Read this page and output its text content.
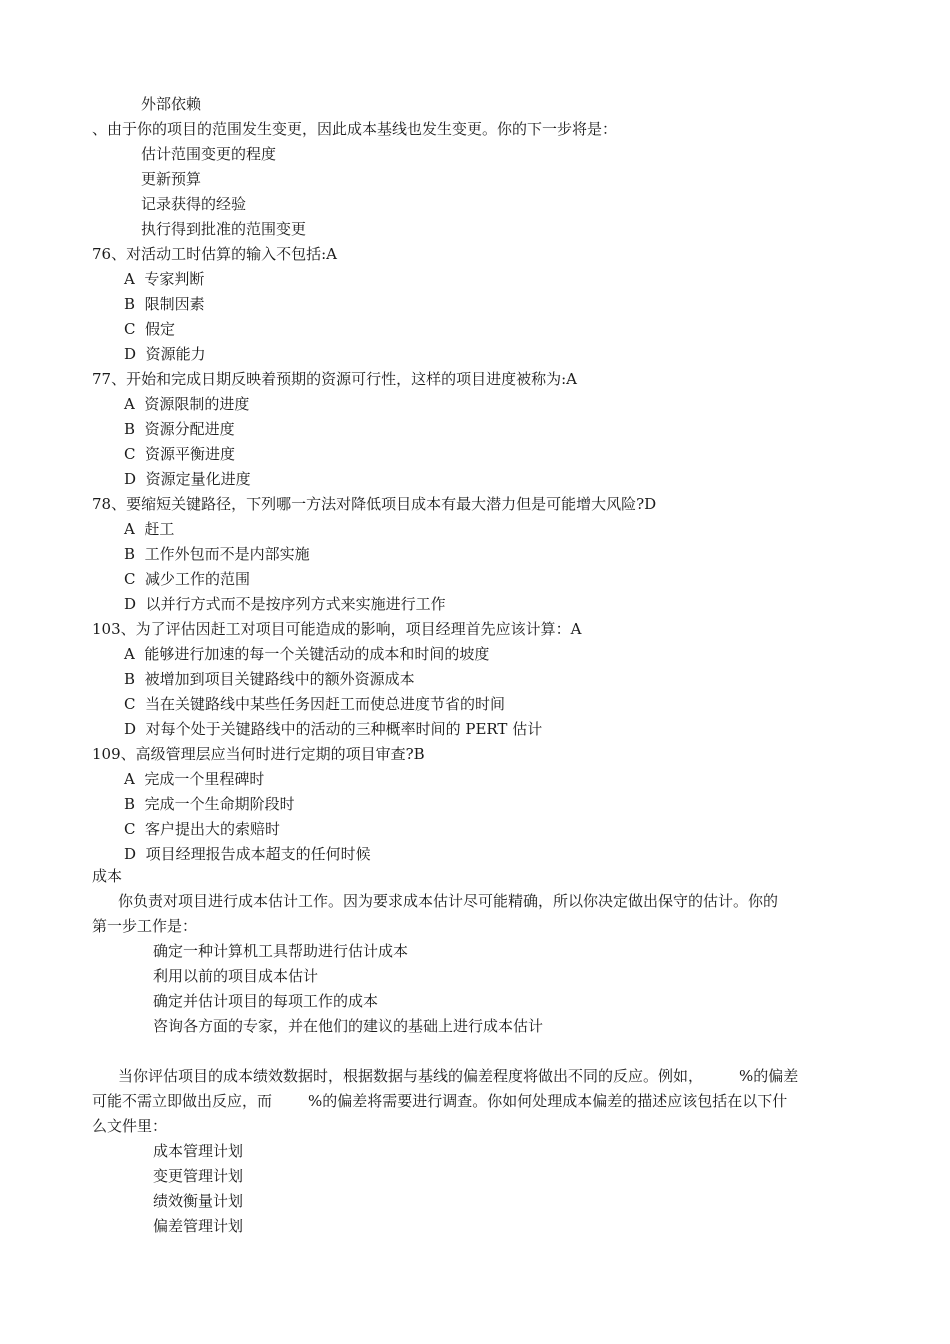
外部依赖
、由于你的项目的范围发生变更，因此成本基线也发生变更。你的下一步将是：
估计范围变更的程度
更新预算
记录获得的经验
执行得到批准的范围变更
76、对活动工时估算的输入不包括:A
A 专家判断
B 限制因素
C 假定
D 资源能力
77、开始和完成日期反映着预期的资源可行性，这样的项目进度被称为:A
A 资源限制的进度
B 资源分配进度
C 资源平衡进度
D 资源定量化进度
78、要缩短关键路径，下列哪一方法对降低项目成本有最大潜力但是可能增大风险?D
A 赶工
B 工作外包而不是内部实施
C 减少工作的范围
D 以并行方式而不是按序列方式来实施进行工作
103、为了评估因赶工对项目可能造成的影响，项目经理首先应该计算：A
A 能够进行加速的每一个关键活动的成本和时间的坡度
B 被增加到项目关键路线中的额外资源成本
C 当在关键路线中某些任务因赶工而使总进度节省的时间
D 对每个处于关键路线中的活动的三种概率时间的 PERT 估计
109、高级管理层应当何时进行定期的项目审查?B
A 完成一个里程碑时
B 完成一个生命期阶段时
C 客户提出大的索赔时
D 项目经理报告成本超支的任何时候
成本
你负责对项目进行成本估计工作。因为要求成本估计尽可能精确，所以你决定做出保守的估计。你的
第一步工作是：
确定一种计算机工具帮助进行估计成本
利用以前的项目成本估计
确定并估计项目的每项工作的成本
咨询各方面的专家，并在他们的建议的基础上进行成本估计
当你评估项目的成本绩效数据时，根据数据与基线的偏差程度将做出不同的反应。例如， %的偏差
可能不需立即做出反应，而 %的偏差将需要进行调查。你如何处理成本偏差的描述应该包括在以下什
么文件里：
成本管理计划
变更管理计划
绩效衡量计划
偏差管理计划
